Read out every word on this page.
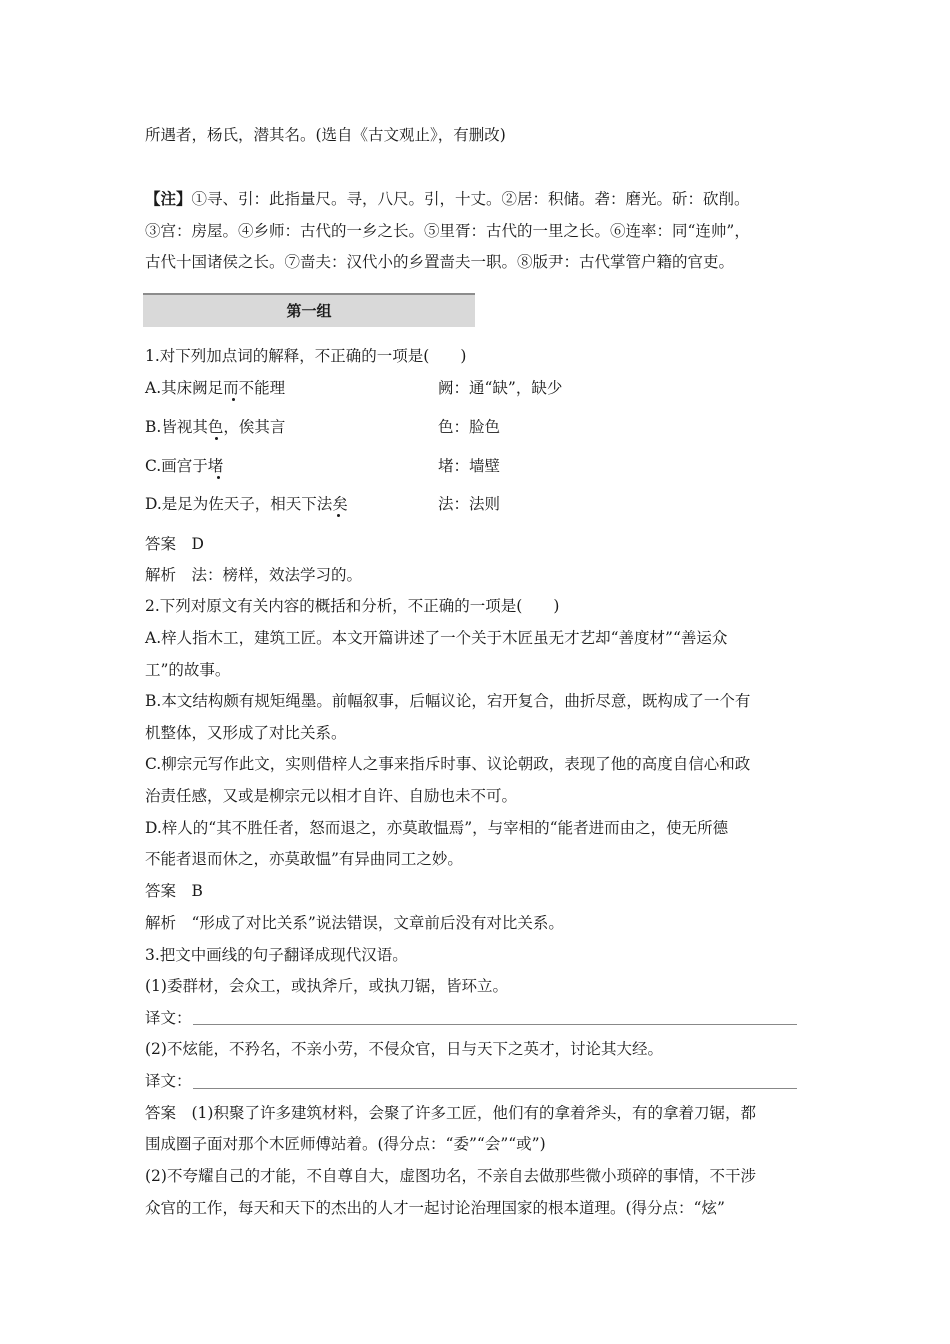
所遇者，杨氏，潜其名。(选自《古文观止》，有删改)
【注】①寻、引：此指量尺。寻，八尺。引，十丈。②居：积储。砻：磨光。斫：砍削。
③宫：房屋。④乡师：古代的一乡之长。⑤里胥：古代的一里之长。⑥连率：同“连帅”，
古代十国诸侯之长。⑦啬夫：汉代小的乡置啬夫一职。⑧版尹：古代掌管户籍的官吏。
第一组
1.对下列加点词的解释，不正确的一项是(　　)
A.其床阙足而不能理	阙：通“缺”，缺少
B.皆视其色，俟其言	色：脸色
C.画宫于堵	堵：墙壁
D.是足为佐天子，相天下法矣	法：法则
答案　D
解析　法：榜样，效法学习的。
2.下列对原文有关内容的概括和分析，不正确的一项是(　　)
A.梓人指木工，建筑工匠。本文开篇讲述了一个关于木匠虽无才艺却“善度材”“善运众
工”的故事。
B.本文结构颇有规矩绳墨。前幅叙事，后幅议论，宕开复合，曲折尽意，既构成了一个有
机整体，又形成了对比关系。
C.柳宗元写作此文，实则借梓人之事来指斥时事、议论朝政，表现了他的高度自信心和政
治责任感，又或是柳宗元以相才自许、自励也未不可。
D.梓人的“其不胜任者，怒而退之，亦莫敢愠焉”，与宰相的“能者进而由之，使无所德
不能者退而休之，亦莫敢愠”有异曲同工之妙。
答案　B
解析　“形成了对比关系”说法错误，文章前后没有对比关系。
3.把文中画线的句子翻译成现代汉语。
(1)委群材，会众工，或执斧斤，或执刀锯，皆环立。
译文：
(2)不炫能，不矜名，不亲小劳，不侵众官，日与天下之英才，讨论其大经。
译文：
答案　(1)积聚了许多建筑材料，会聚了许多工匠，他们有的拿着斧头，有的拿着刀锯，都
围成圈子面对那个木匠师傅站着。(得分点：“委”“会”“或”)
(2)不夸耀自己的才能，不自尊自大，虚图功名，不亲自去做那些微小琐碎的事情，不干涉
众官的工作，每天和天下的杰出的人才一起讨论治理国家的根本道理。(得分点：“炫”
